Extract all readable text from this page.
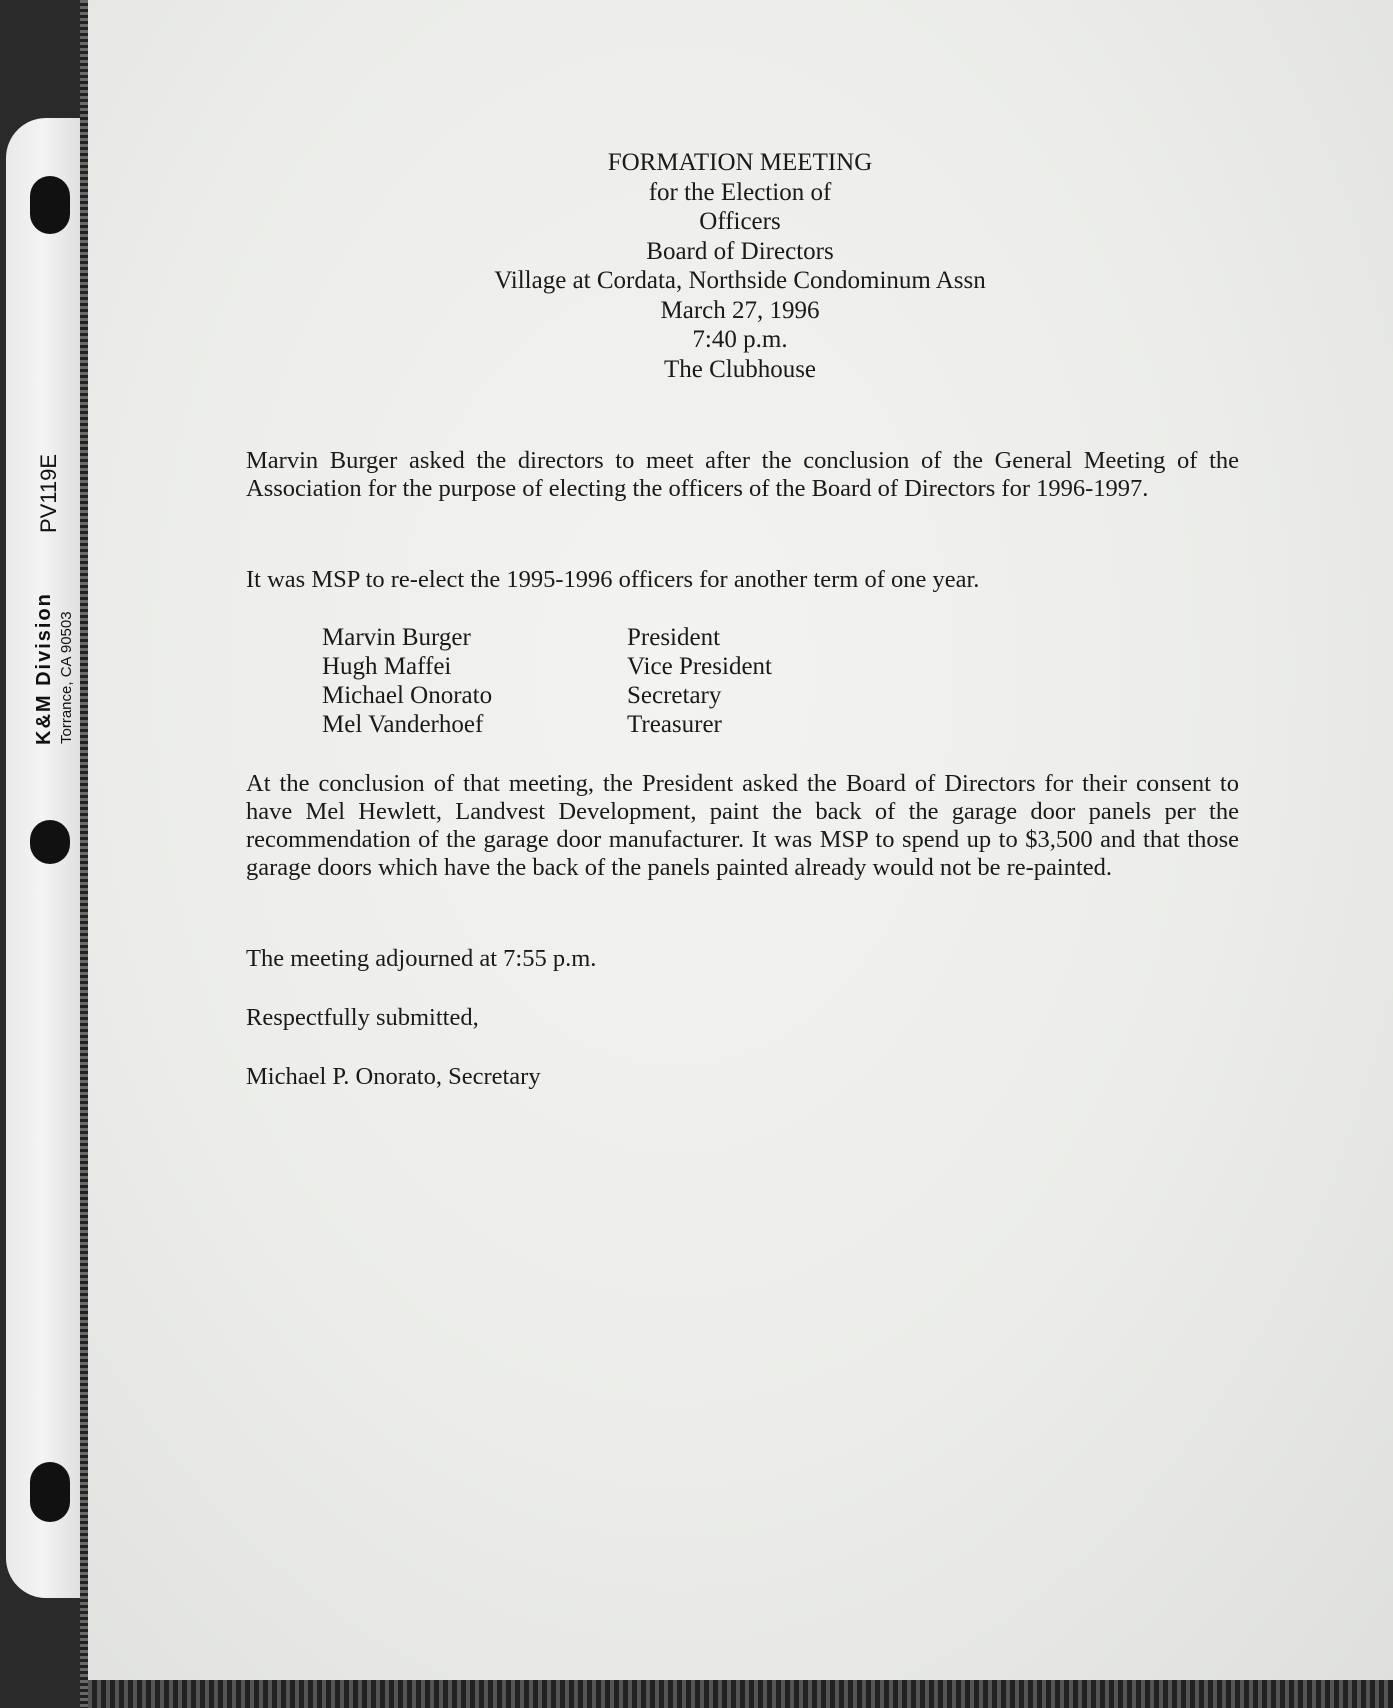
K&M Division Torrance, CA 90503
PV119E
FORMATION MEETING
for the Election of
Officers
Board of Directors
Village at Cordata, Northside Condominum Assn
March 27, 1996
7:40 p.m.
The Clubhouse
Marvin Burger asked the directors to meet after the conclusion of the General Meeting of the Association for the purpose of electing the officers of the Board of Directors for 1996-1997.
It was MSP to re-elect the 1995-1996 officers for another term of one year.
Marvin Burger	President
Hugh Maffei	Vice President
Michael Onorato	Secretary
Mel Vanderhoef	Treasurer
At the conclusion of that meeting, the President asked the Board of Directors for their consent to have Mel Hewlett, Landvest Development, paint the back of the garage door panels per the recommendation of the garage door manufacturer. It was MSP to spend up to $3,500 and that those garage doors which have the back of the panels painted already would not be re-painted.
The meeting adjourned at 7:55 p.m.
Respectfully submitted,
Michael P. Onorato, Secretary
